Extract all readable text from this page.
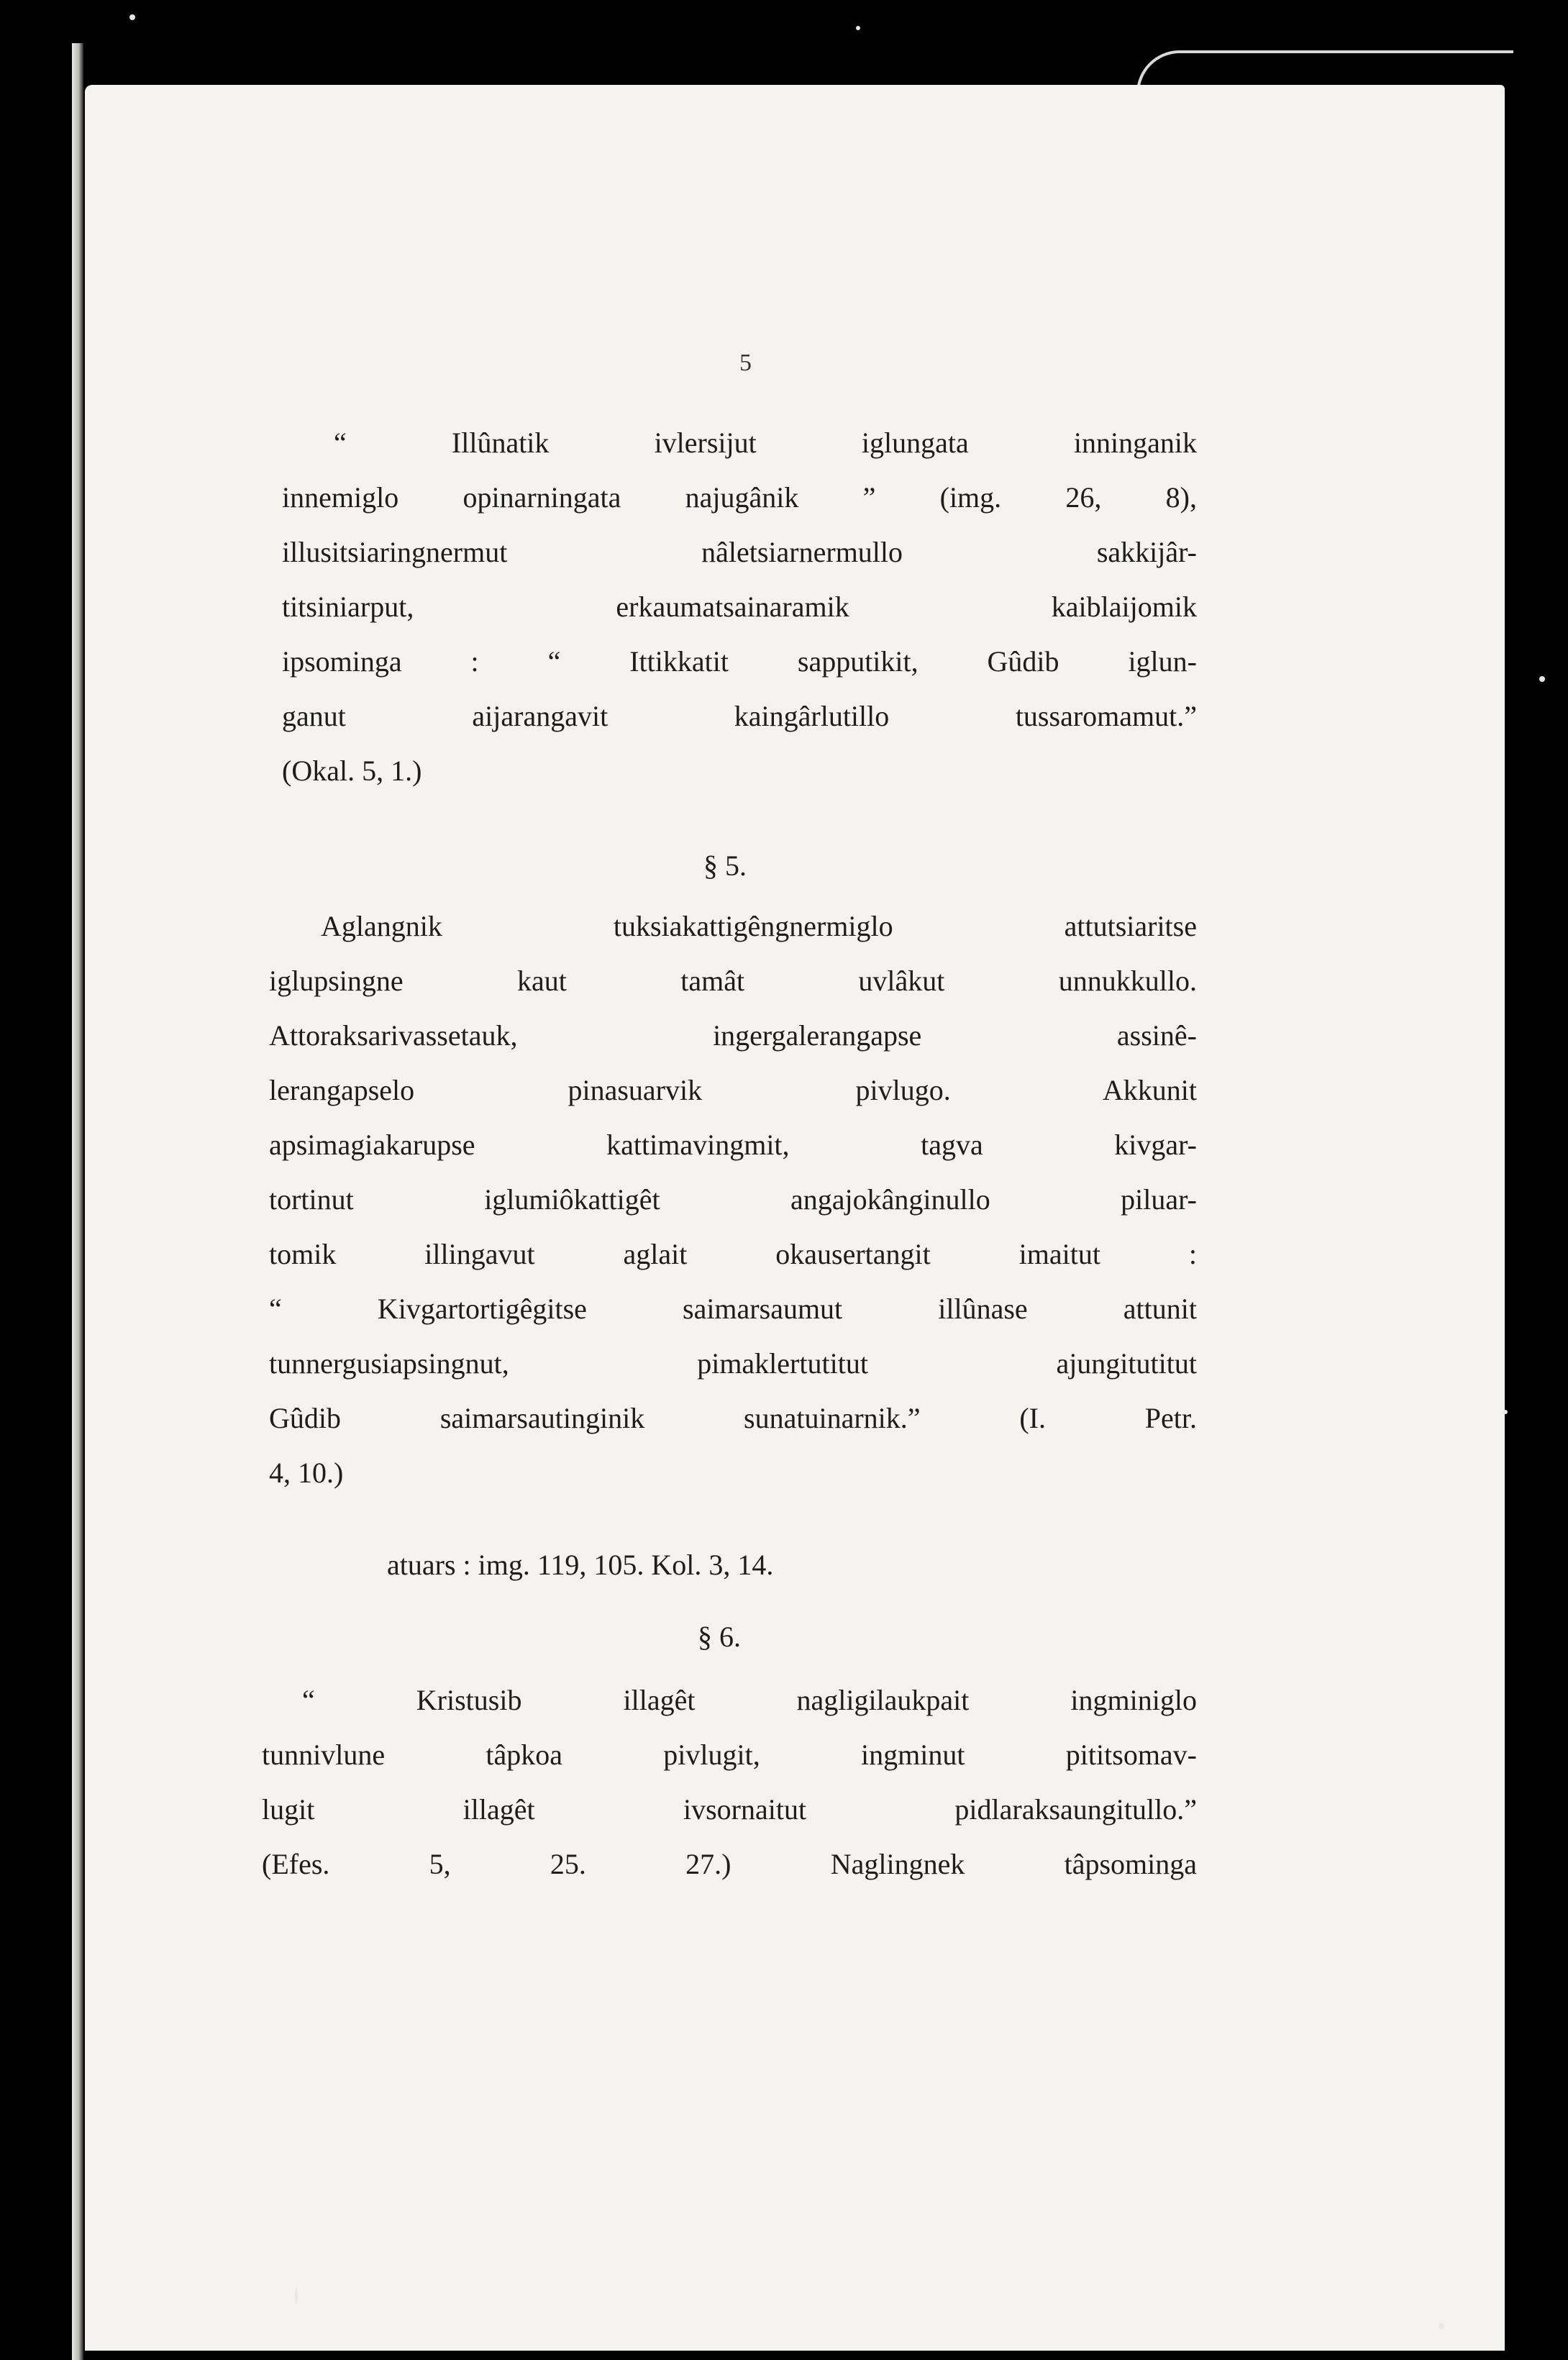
5
“ Illûnatik ivlersijut iglungata inninganik
innemiglo opinarningata najugânik ” (img. 26, 8),
illusitsiaringnermut nâletsiarnermullo sakkijâr-
titsiniarput, erkaumatsainaramik kaiblaijomik
ipsominga : “ Ittikkatit sapputikit, Gûdib iglun-
ganut aijarangavit kaingârlutillo tussaromamut.”
(Okal. 5, 1.)
§ 5.
Aglangnik tuksiakattigêngnermiglo attutsiaritse
iglupsingne kaut tamât uvlâkut unnukkullo.
Attoraksarivassetauk, ingergalerangapse assinê-
lerangapselo pinasuarvik pivlugo. Akkunit
apsimagiakarupse kattimavingmit, tagva kivgar-
tortinut iglumiôkattigêt angajokânginullo piluar-
tomik illingavut aglait okausertangit imaitut :
“ Kivgartortigêgitse saimarsaumut illûnase attunit
tunnergusiapsingnut, pimaklertutitut ajungitutitut
Gûdib saimarsautinginik sunatuinarnik.” (I. Petr.
4, 10.)
atuars : img. 119, 105. Kol. 3, 14.
§ 6.
“ Kristusib illagêt nagligilaukpait ingminiglo
tunnivlune tâpkoa pivlugit, ingminut pititsomav-
lugit illagêt ivsornaitut pidlaraksaungitullo.”
(Efes. 5, 25. 27.) Naglingnek tâpsominga
